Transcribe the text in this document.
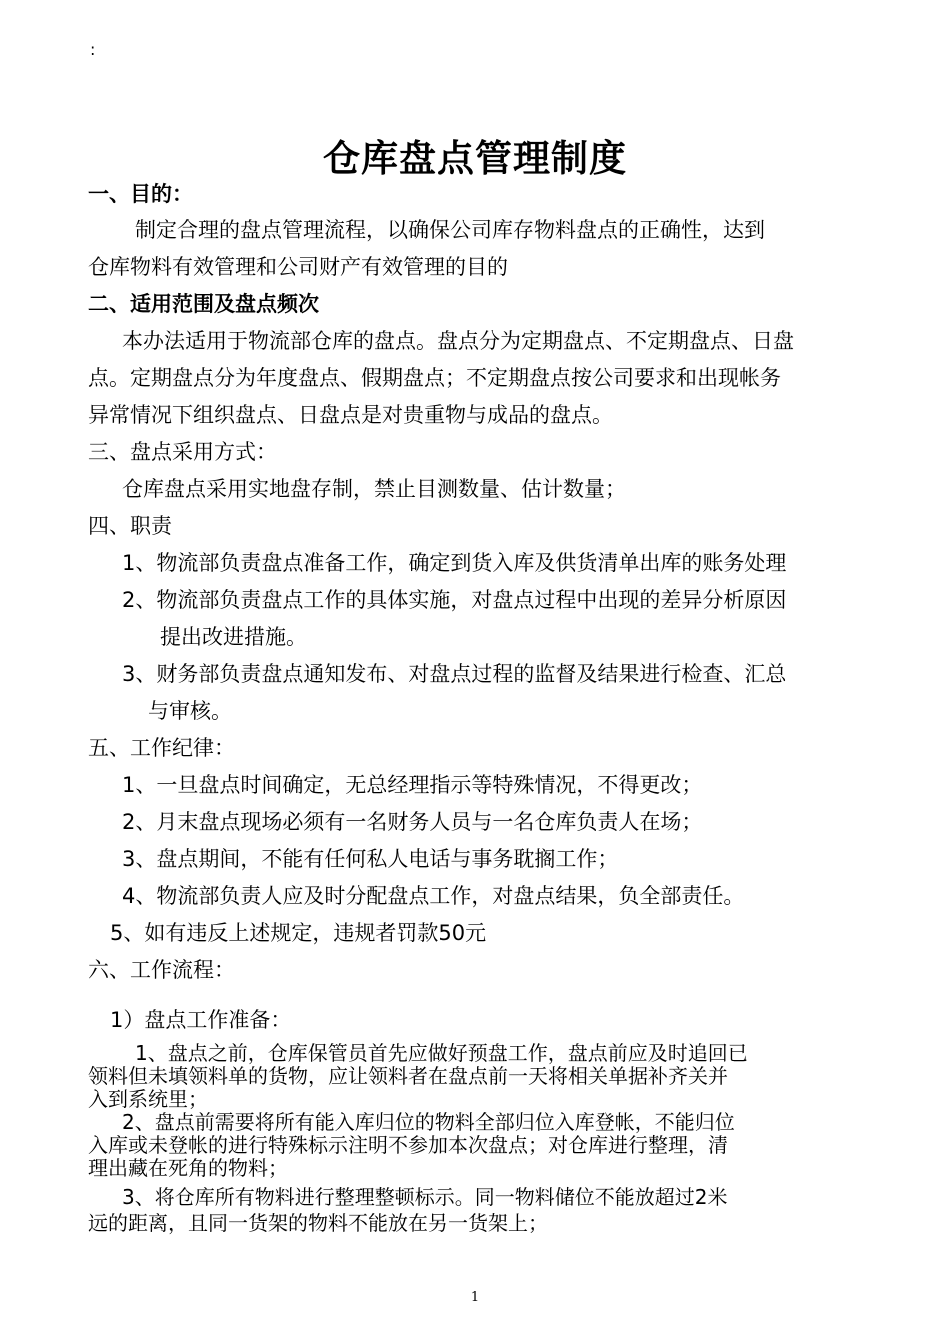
:
仓库盘点管理制度
一、目的：
制定合理的盘点管理流程，以确保公司库存物料盘点的正确性，达到
仓库物料有效管理和公司财产有效管理的目的
二、适用范围及盘点频次
本办法适用于物流部仓库的盘点。盘点分为定期盘点、不定期盘点、日盘
点。定期盘点分为年度盘点、假期盘点；不定期盘点按公司要求和出现帐务
异常情况下组织盘点、日盘点是对贵重物与成品的盘点。
三、盘点采用方式：
仓库盘点采用实地盘存制，禁止目测数量、估计数量；
四、职责
1、物流部负责盘点准备工作，确定到货入库及供货清单出库的账务处理
2、物流部负责盘点工作的具体实施，对盘点过程中出现的差异分析原因
提出改进措施。
3、财务部负责盘点通知发布、对盘点过程的监督及结果进行检查、汇总
与审核。
五、工作纪律：
1、一旦盘点时间确定，无总经理指示等特殊情况，不得更改；
2、月末盘点现场必须有一名财务人员与一名仓库负责人在场；
3、盘点期间，不能有任何私人电话与事务耽搁工作；
4、物流部负责人应及时分配盘点工作，对盘点结果，负全部责任。
5、如有违反上述规定，违规者罚款50元
六、工作流程：
1）盘点工作准备：
1、盘点之前，仓库保管员首先应做好预盘工作，盘点前应及时追回已
领料但未填领料单的货物，应让领料者在盘点前一天将相关单据补齐关并
入到系统里；
2、盘点前需要将所有能入库归位的物料全部归位入库登帐，不能归位
入库或未登帐的进行特殊标示注明不参加本次盘点；对仓库进行整理，清
理出藏在死角的物料；
3、将仓库所有物料进行整理整顿标示。同一物料储位不能放超过2米
远的距离，且同一货架的物料不能放在另一货架上；
1
